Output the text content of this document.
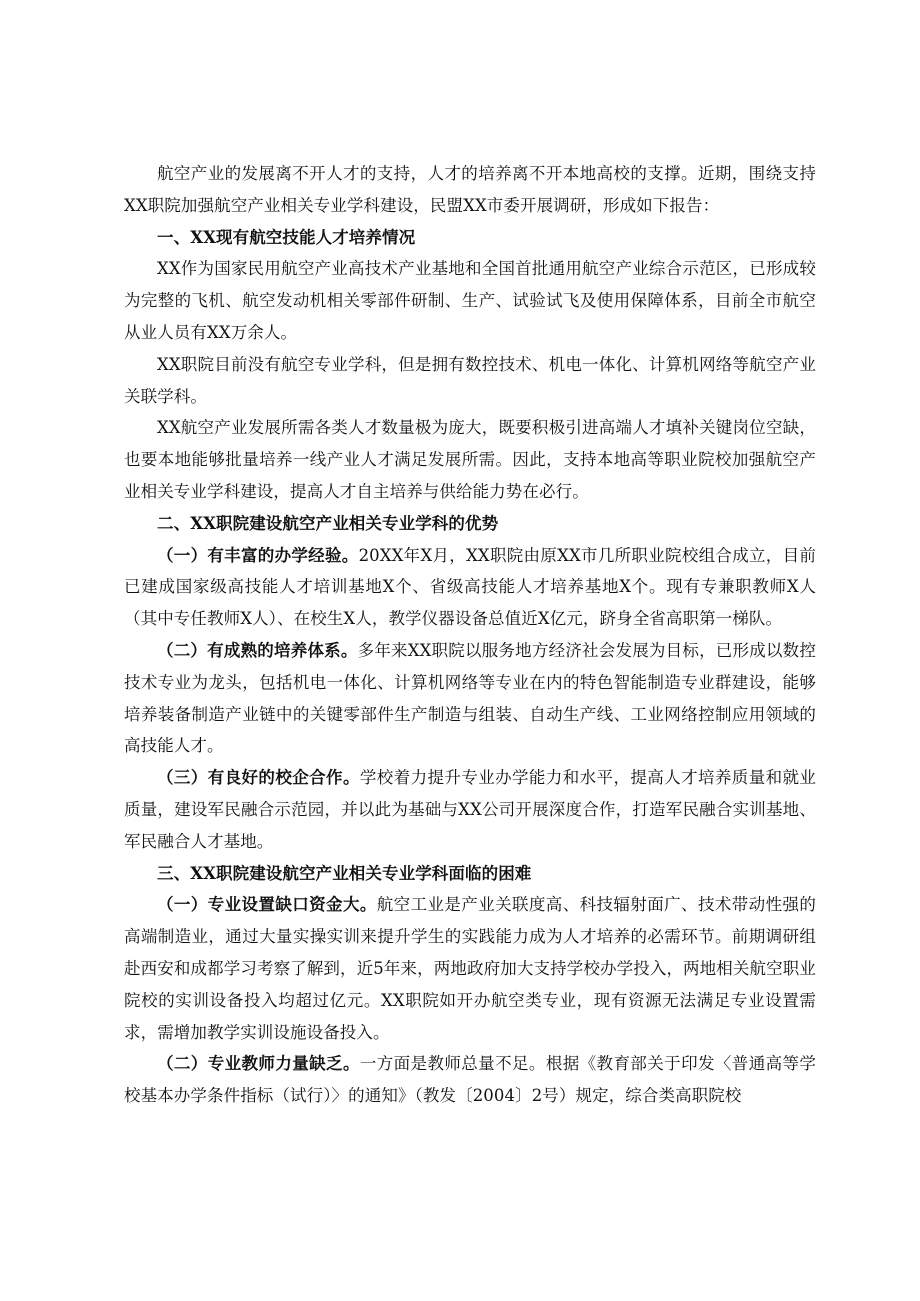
航空产业的发展离不开人才的支持，人才的培养离不开本地高校的支撑。近期，围绕支持XX职院加强航空产业相关专业学科建设，民盟XX市委开展调研，形成如下报告：

一、XX现有航空技能人才培养情况

XX作为国家民用航空产业高技术产业基地和全国首批通用航空产业综合示范区，已形成较为完整的飞机、航空发动机相关零部件研制、生产、试验试飞及使用保障体系，目前全市航空从业人员有XX万余人。

XX职院目前没有航空专业学科，但是拥有数控技术、机电一体化、计算机网络等航空产业关联学科。

XX航空产业发展所需各类人才数量极为庞大，既要积极引进高端人才填补关键岗位空缺，也要本地能够批量培养一线产业人才满足发展所需。因此，支持本地高等职业院校加强航空产业相关专业学科建设，提高人才自主培养与供给能力势在必行。

二、XX职院建设航空产业相关专业学科的优势

（一）有丰富的办学经验。20XX年X月，XX职院由原XX市几所职业院校组合成立，目前已建成国家级高技能人才培训基地X个、省级高技能人才培养基地X个。现有专兼职教师X人（其中专任教师X人）、在校生X人，教学仪器设备总值近X亿元，跻身全省高职第一梯队。

（二）有成熟的培养体系。多年来XX职院以服务地方经济社会发展为目标，已形成以数控技术专业为龙头，包括机电一体化、计算机网络等专业在内的特色智能制造专业群建设，能够培养装备制造产业链中的关键零部件生产制造与组装、自动生产线、工业网络控制应用领域的高技能人才。

（三）有良好的校企合作。学校着力提升专业办学能力和水平，提高人才培养质量和就业质量，建设军民融合示范园，并以此为基础与XX公司开展深度合作，打造军民融合实训基地、军民融合人才基地。

三、XX职院建设航空产业相关专业学科面临的困难

（一）专业设置缺口资金大。航空工业是产业关联度高、科技辐射面广、技术带动性强的高端制造业，通过大量实操实训来提升学生的实践能力成为人才培养的必需环节。前期调研组赴西安和成都学习考察了解到，近5年来，两地政府加大支持学校办学投入，两地相关航空职业院校的实训设备投入均超过亿元。XX职院如开办航空类专业，现有资源无法满足专业设置需求，需增加教学实训设施设备投入。

（二）专业教师力量缺乏。一方面是教师总量不足。根据《教育部关于印发〈普通高等学校基本办学条件指标（试行）〉的通知》（教发〔2004〕2号）规定，综合类高职院校
